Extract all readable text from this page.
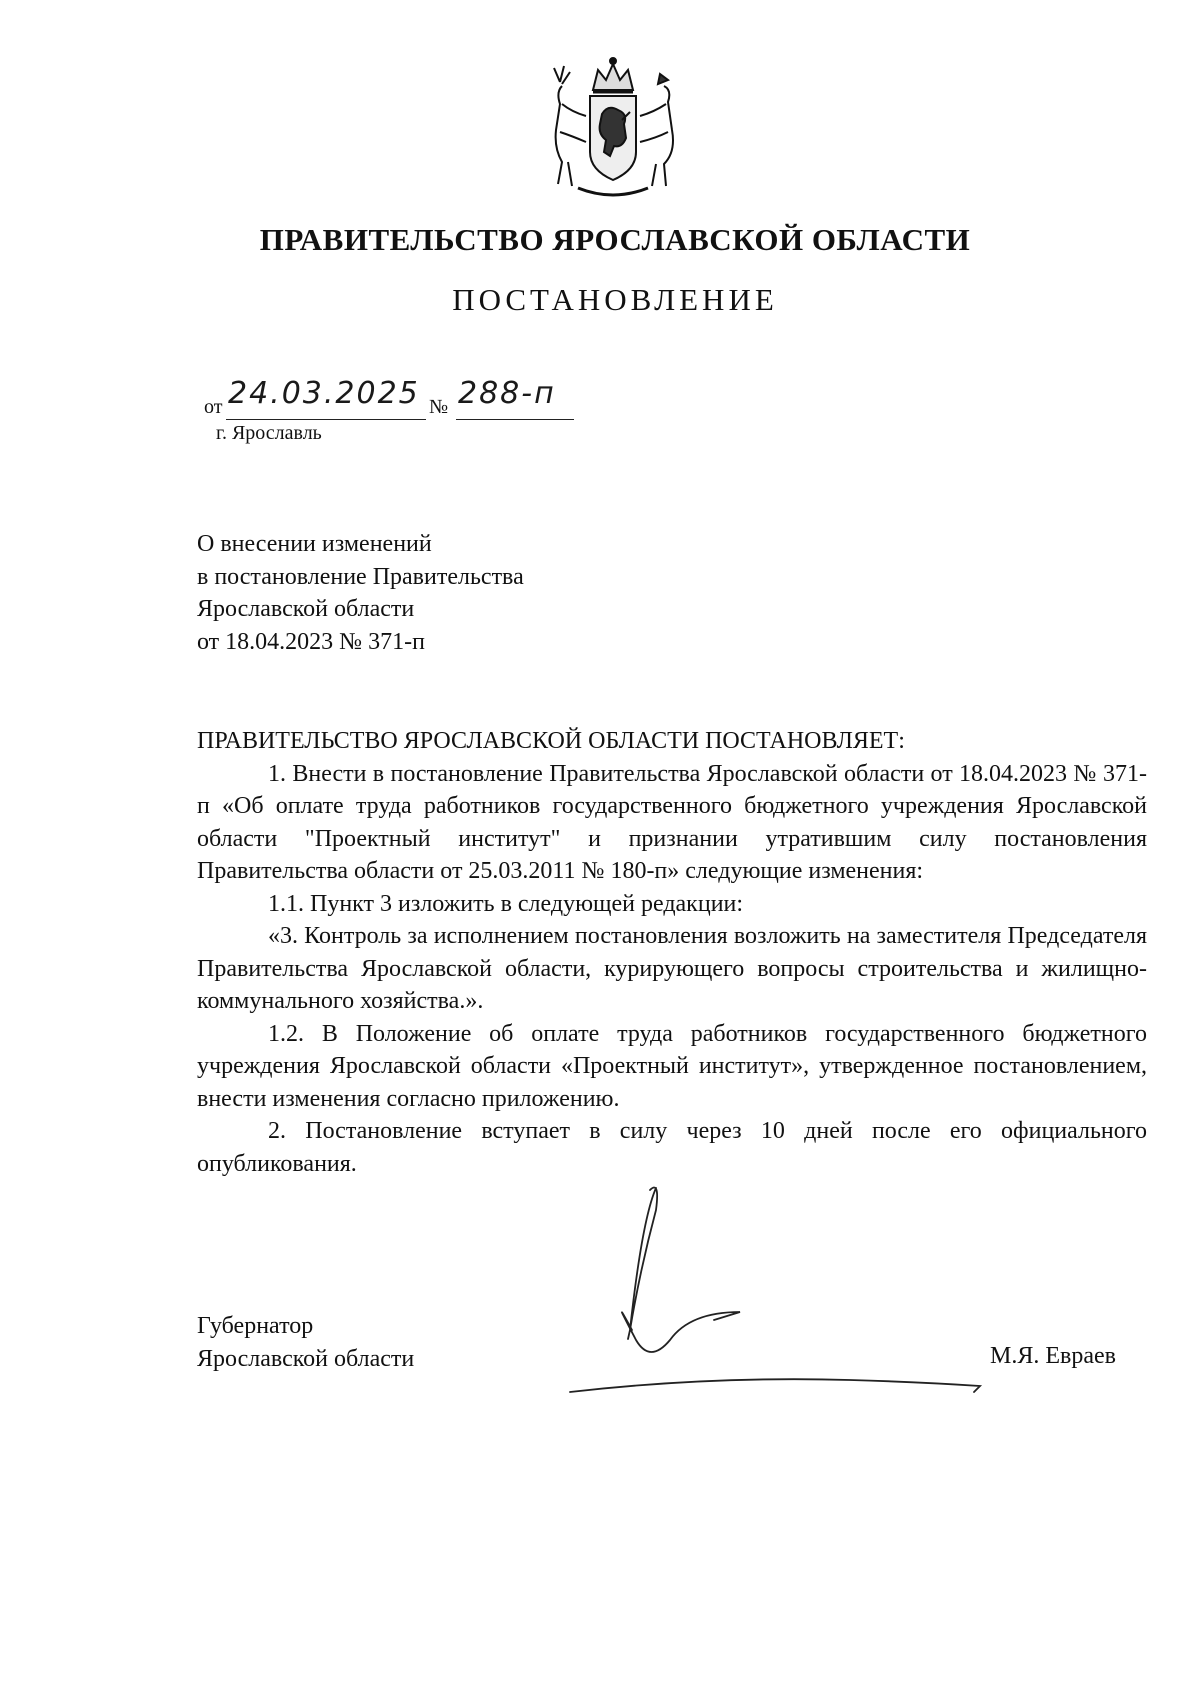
ПРАВИТЕЛЬСТВО ЯРОСЛАВСКОЙ ОБЛАСТИ
ПОСТАНОВЛЕНИЕ
от 24.03.2025 № 288-п
г. Ярославль
О внесении изменений
в постановление Правительства
Ярославской области
от 18.04.2023 № 371-п

ПРАВИТЕЛЬСТВО ЯРОСЛАВСКОЙ ОБЛАСТИ ПОСТАНОВЛЯЕТ:

1. Внести в постановление Правительства Ярославской области от 18.04.2023 № 371-п «Об оплате труда работников государственного бюджетного учреждения Ярославской области "Проектный институт" и признании утратившим силу постановления Правительства области от 25.03.2011 № 180-п» следующие изменения:

1.1. Пункт 3 изложить в следующей редакции:

«3. Контроль за исполнением постановления возложить на заместителя Председателя Правительства Ярославской области, курирующего вопросы строительства и жилищно-коммунального хозяйства.».

1.2. В Положение об оплате труда работников государственного бюджетного учреждения Ярославской области «Проектный институт», утвержденное постановлением, внести изменения согласно приложению.

2. Постановление вступает в силу через 10 дней после его официального опубликования.

Губернатор
Ярославской области	М.Я. Евраев
